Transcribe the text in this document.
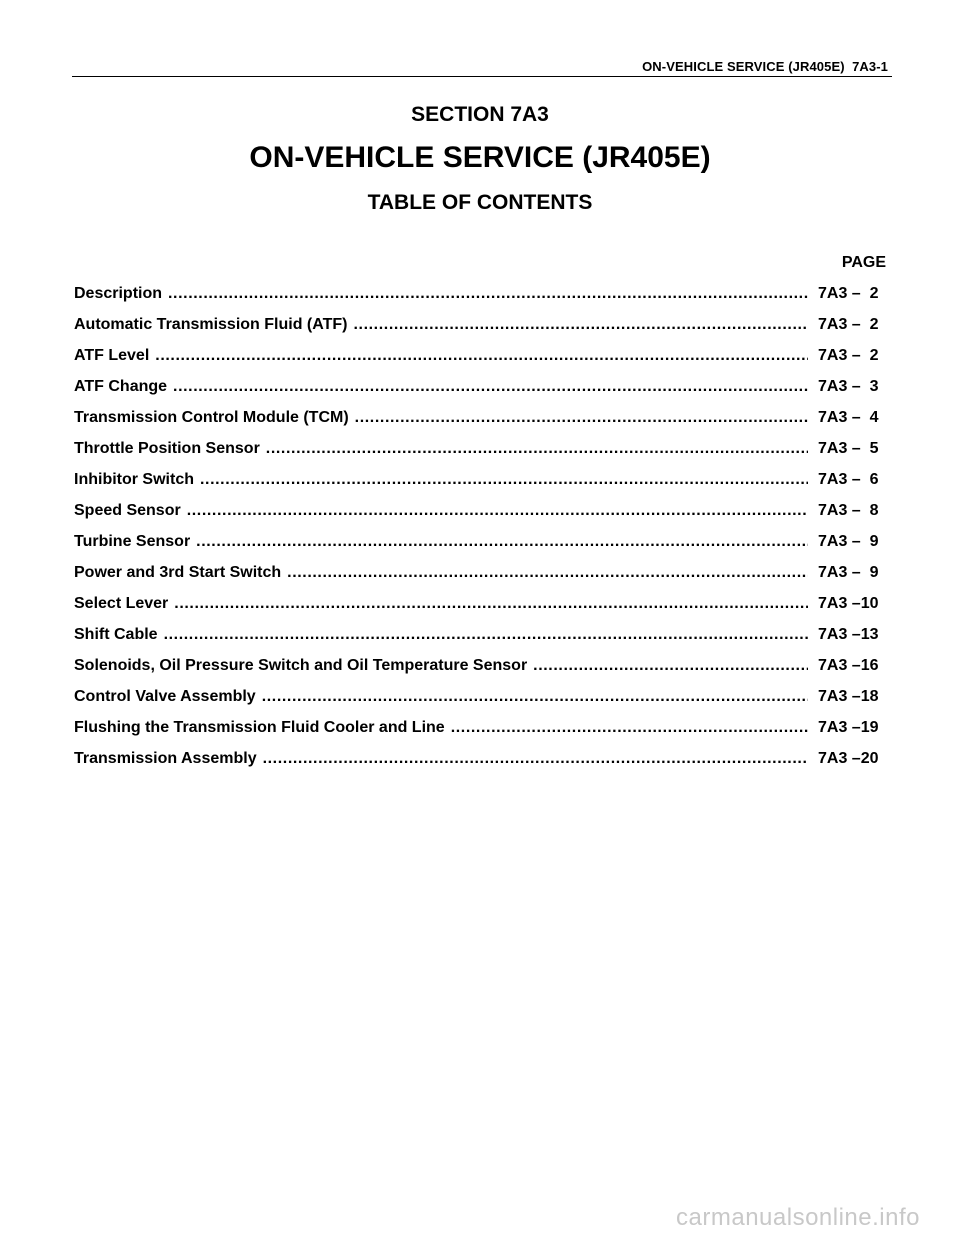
ON-VEHICLE SERVICE (JR405E)  7A3-1
SECTION 7A3
ON-VEHICLE SERVICE (JR405E)
TABLE OF CONTENTS
PAGE
Description .....	7A3 –  2
Automatic Transmission Fluid (ATF) .....	7A3 –  2
ATF Level .....	7A3 –  2
ATF Change .....	7A3 –  3
Transmission Control Module (TCM) .....	7A3 –  4
Throttle Position Sensor .....	7A3 –  5
Inhibitor Switch .....	7A3 –  6
Speed Sensor .....	7A3 –  8
Turbine Sensor .....	7A3 –  9
Power and 3rd Start Switch .....	7A3 –  9
Select Lever .....	7A3 –10
Shift Cable .....	7A3 –13
Solenoids, Oil Pressure Switch and Oil Temperature Sensor .....	7A3 –16
Control Valve Assembly .....	7A3 –18
Flushing the Transmission Fluid Cooler and Line .....	7A3 –19
Transmission Assembly .....	7A3 –20
carmanualsonline.info
